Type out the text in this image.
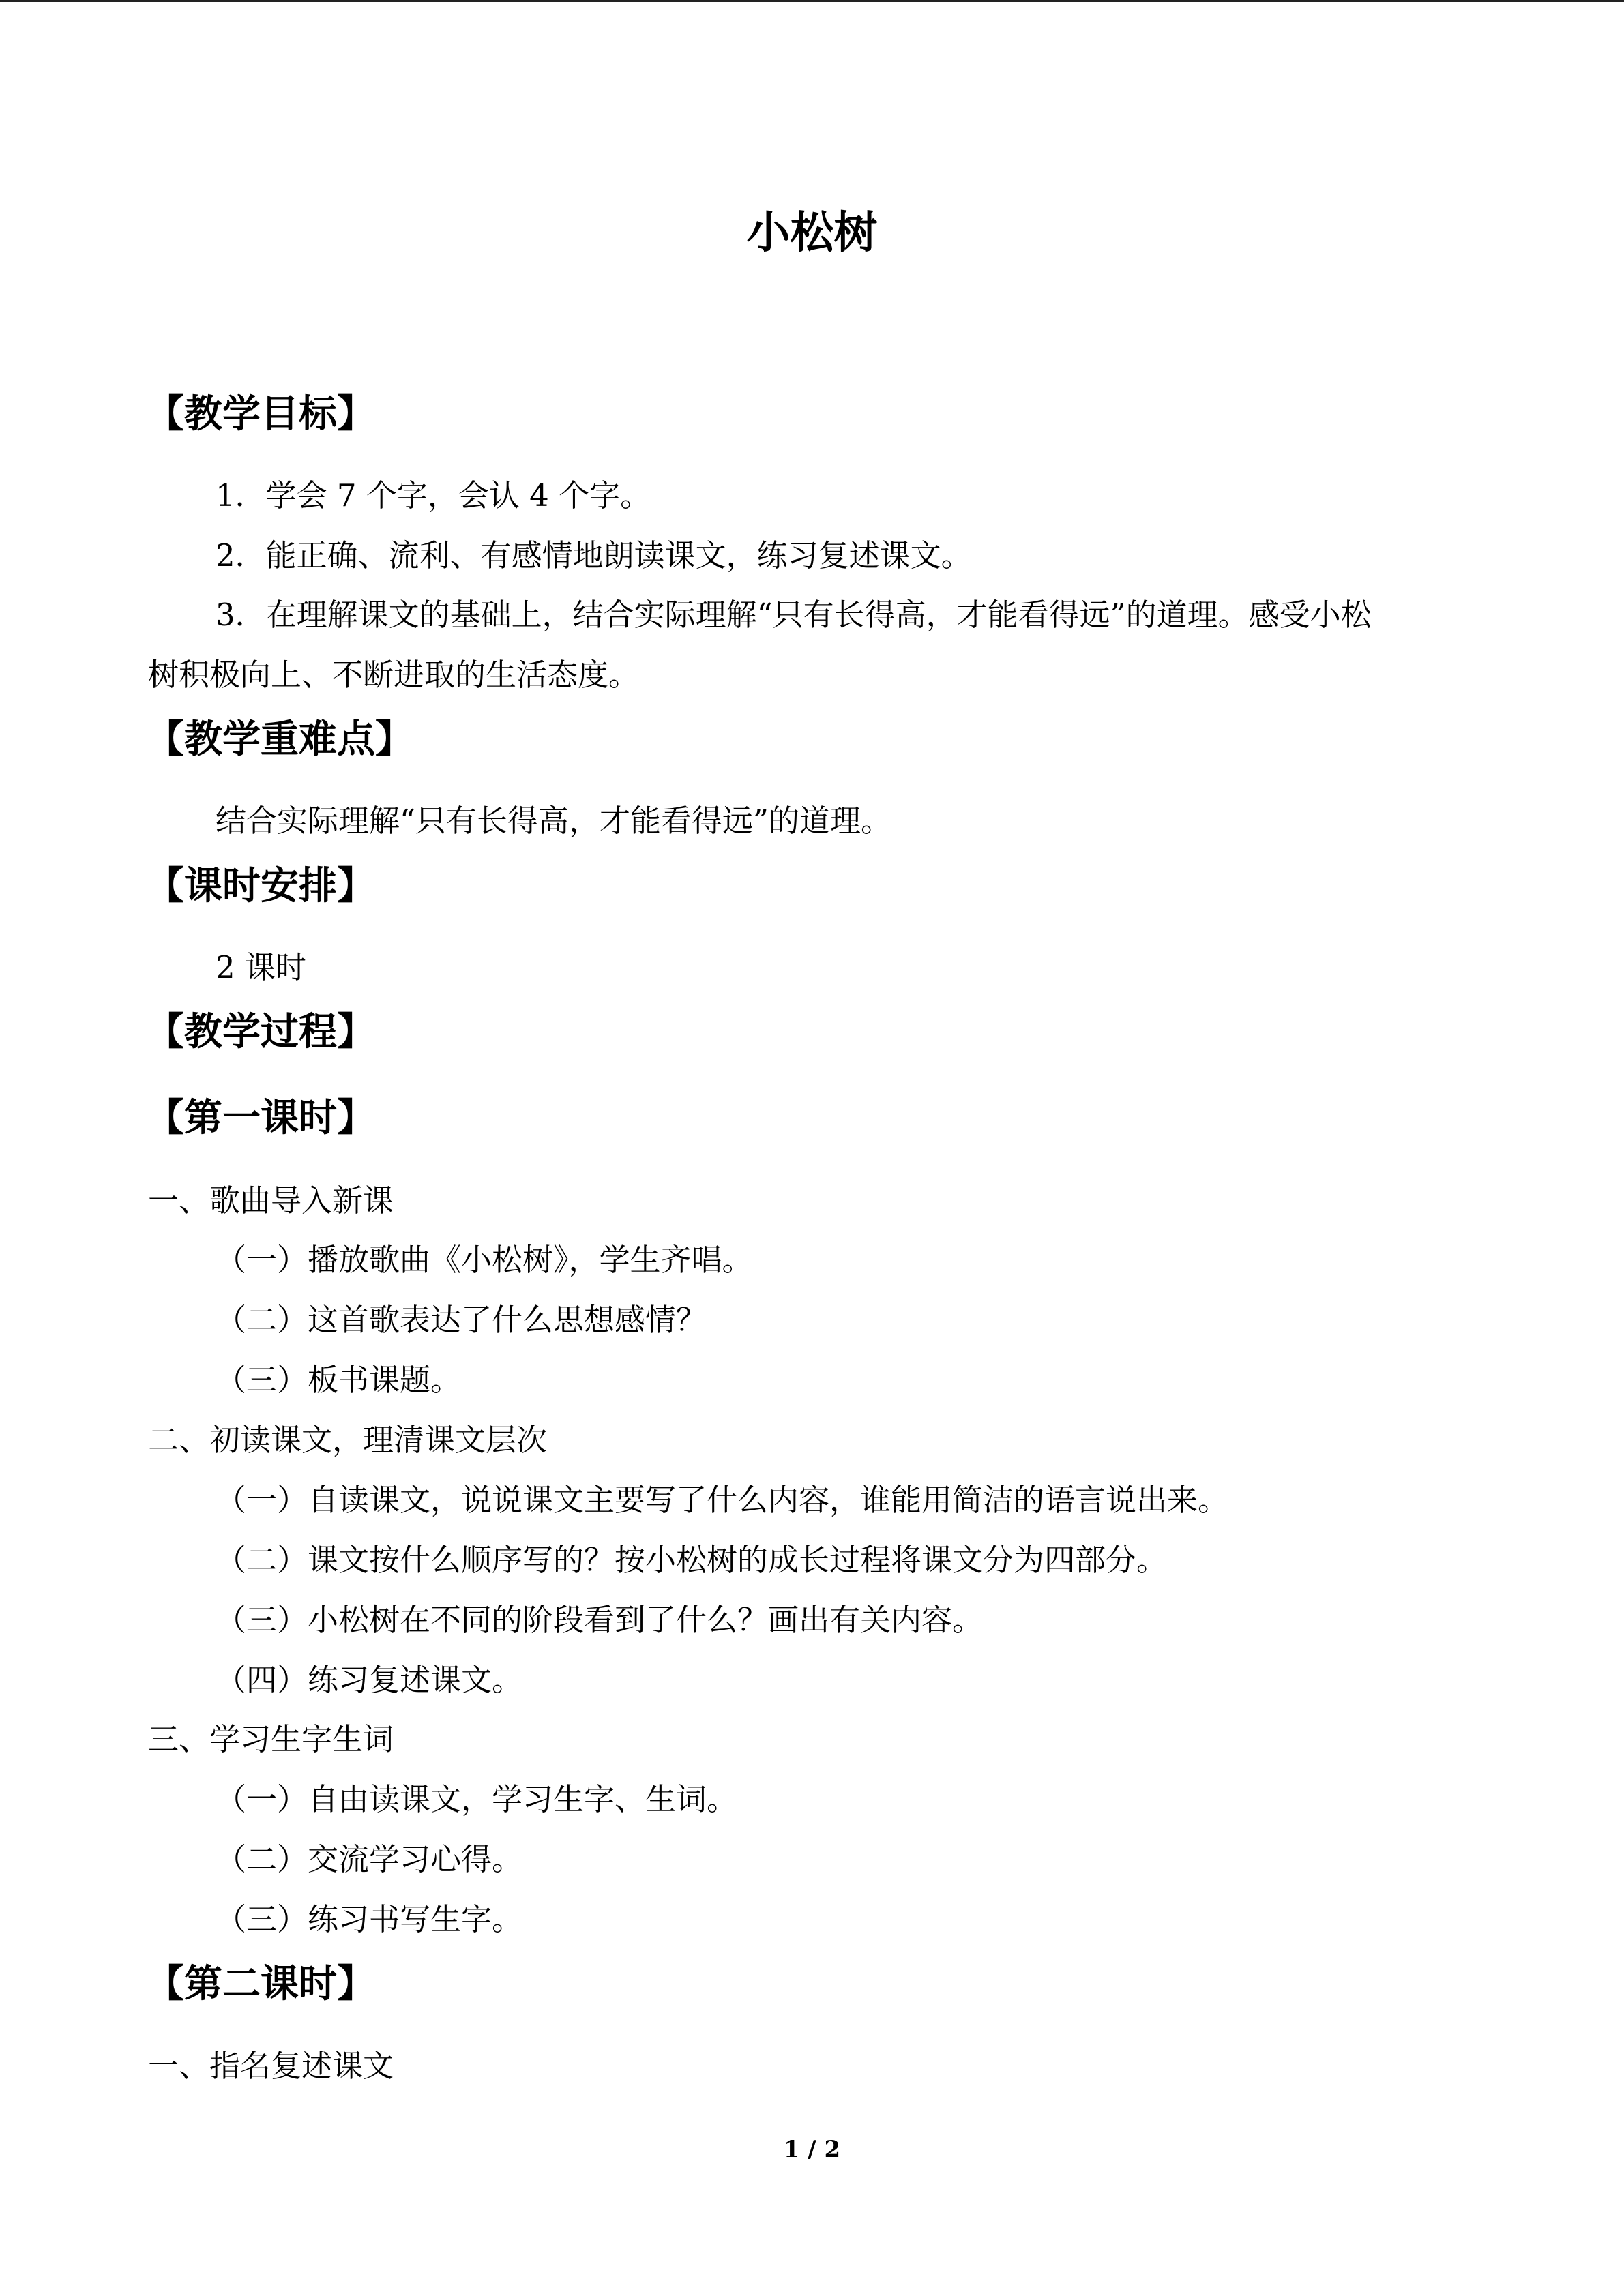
小松树
【教学目标】
1．学会 7 个字，会认 4 个字。
2．能正确、流利、有感情地朗读课文，练习复述课文。
3．在理解课文的基础上，结合实际理解“只有长得高，才能看得远”的道理。感受小松
树积极向上、不断进取的生活态度。
【教学重难点】
结合实际理解“只有长得高，才能看得远”的道理。
【课时安排】
2 课时
【教学过程】
【第一课时】
一、歌曲导入新课
（一）播放歌曲《小松树》，学生齐唱。
（二）这首歌表达了什么思想感情？
（三）板书课题。
二、初读课文，理清课文层次
（一）自读课文，说说课文主要写了什么内容，谁能用简洁的语言说出来。
（二）课文按什么顺序写的？按小松树的成长过程将课文分为四部分。
（三）小松树在不同的阶段看到了什么？画出有关内容。
（四）练习复述课文。
三、学习生字生词
（一）自由读课文，学习生字、生词。
（二）交流学习心得。
（三）练习书写生字。
【第二课时】
一、指名复述课文
1 / 2
